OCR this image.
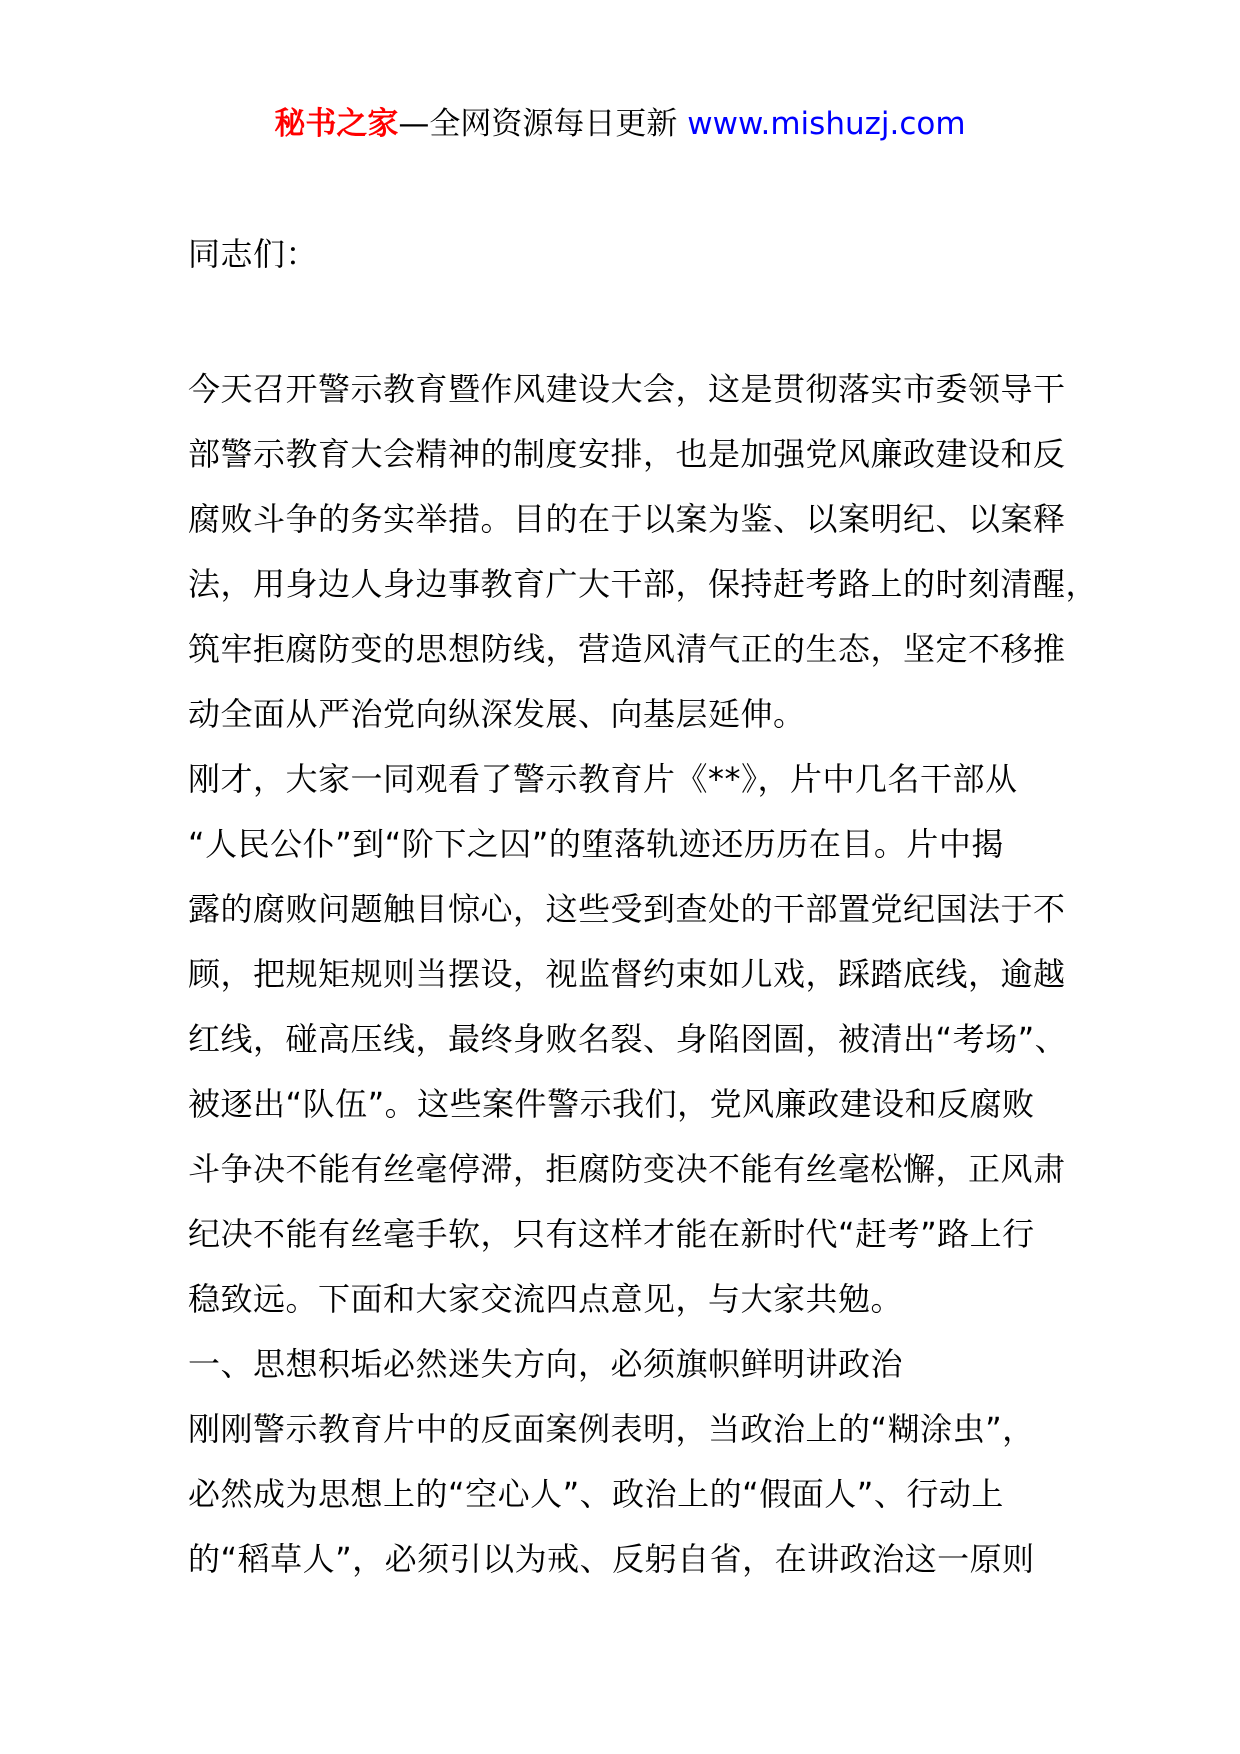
秘书之家—全网资源每日更新 www.mishuzj.com
同志们：
今天召开警示教育暨作风建设大会，这是贯彻落实市委领导干
部警示教育大会精神的制度安排，也是加强党风廉政建设和反
腐败斗争的务实举措。目的在于以案为鉴、以案明纪、以案释
法，用身边人身边事教育广大干部，保持赶考路上的时刻清醒，
筑牢拒腐防变的思想防线，营造风清气正的生态，坚定不移推
动全面从严治党向纵深发展、向基层延伸。
刚才，大家一同观看了警示教育片《**》，片中几名干部从
“人民公仆”到“阶下之囚”的堕落轨迹还历历在目。片中揭
露的腐败问题触目惊心，这些受到查处的干部置党纪国法于不
顾，把规矩规则当摆设，视监督约束如儿戏，踩踏底线，逾越
红线，碰高压线，最终身败名裂、身陷囹圄，被清出“考场”、
被逐出“队伍”。这些案件警示我们，党风廉政建设和反腐败
斗争决不能有丝毫停滞，拒腐防变决不能有丝毫松懈，正风肃
纪决不能有丝毫手软，只有这样才能在新时代“赶考”路上行
稳致远。下面和大家交流四点意见，与大家共勉。
一、思想积垢必然迷失方向，必须旗帜鲜明讲政治
刚刚警示教育片中的反面案例表明，当政治上的“糊涂虫”，
必然成为思想上的“空心人”、政治上的“假面人”、行动上
的“稻草人”，必须引以为戒、反躬自省，在讲政治这一原则
